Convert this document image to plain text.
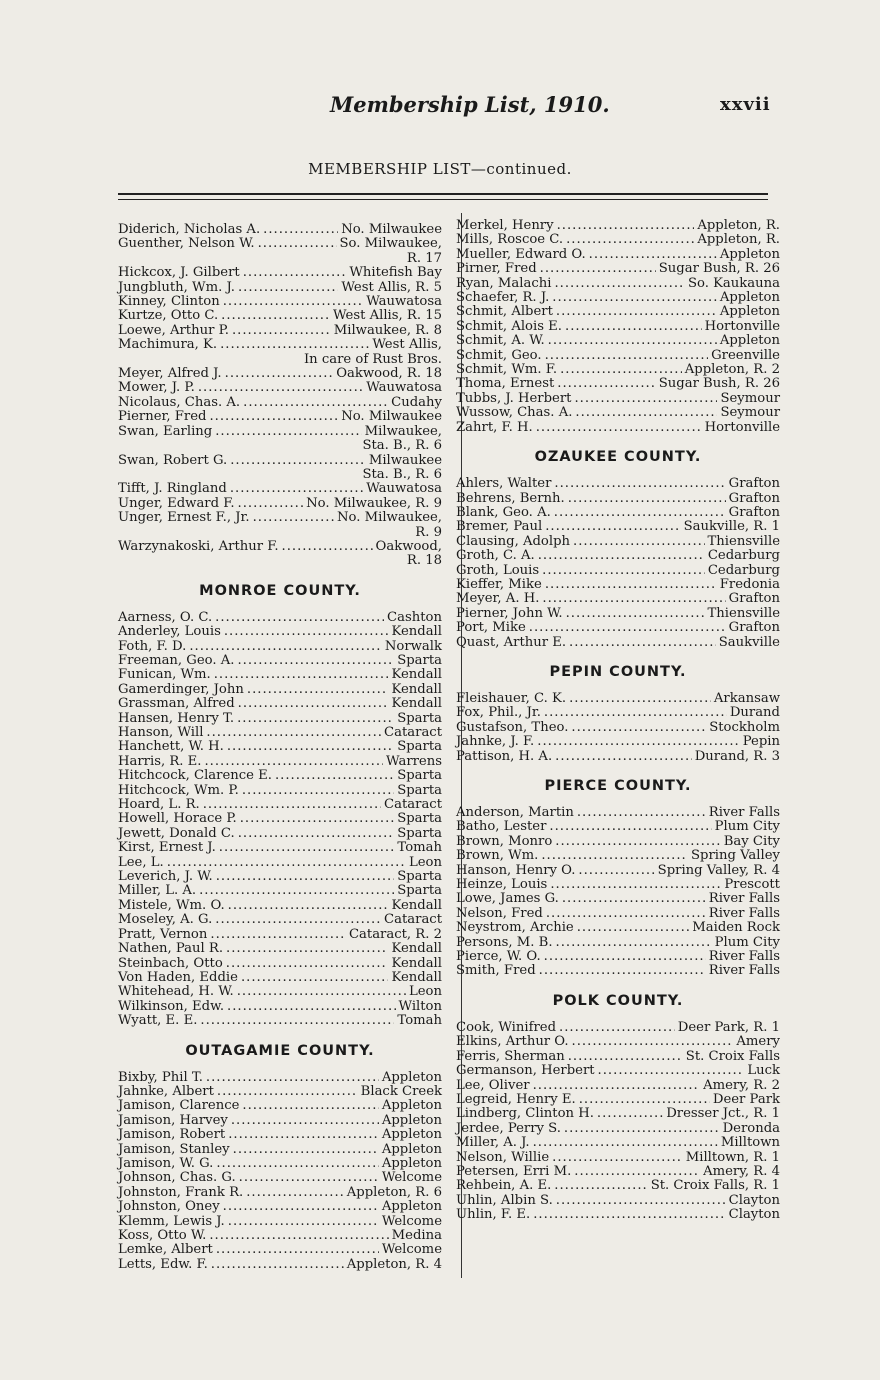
Membership List, 1910.	xxvii
MEMBERSHIP LIST—continued.
Diderich, Nicholas A. .....	No. Milwaukee
Guenther, Nelson W. .....	So. Milwaukee,
R. 17
Hickcox, J. Gilbert .....	Whitefish Bay
Jungbluth, Wm. J. .....	West Allis, R. 5
Kinney, Clinton .....	Wauwatosa
Kurtze, Otto C. .....	West Allis, R. 15
Loewe, Arthur P. .....	Milwaukee, R. 8
Machimura, K. .....	West Allis,
In care of Rust Bros.
Meyer, Alfred J. .....	Oakwood, R. 18
Mower, J. P. .....	Wauwatosa
Nicolaus, Chas. A. .....	Cudahy
Pierner, Fred .....	No. Milwaukee
Swan, Earling .....	Milwaukee,
Sta. B., R. 6
Swan, Robert G. .....	Milwaukee
Sta. B., R. 6
Tifft, J. Ringland .....	Wauwatosa
Unger, Edward F. .....	No. Milwaukee, R. 9
Unger, Ernest F., Jr. .....	No. Milwaukee,
R. 9
Warzynakoski, Arthur F. .....	Oakwood,
R. 18
MONROE COUNTY.
Aarness, O. C. .....	Cashton
Anderley, Louis .....	Kendall
Foth, F. D. .....	Norwalk
Freeman, Geo. A. .....	Sparta
Funican, Wm. .....	Kendall
Gamerdinger, John .....	Kendall
Grassman, Alfred .....	Kendall
Hansen, Henry T. .....	Sparta
Hanson, Will .....	Cataract
Hanchett, W. H. .....	Sparta
Harris, R. E. .....	Warrens
Hitchcock, Clarence E. .....	Sparta
Hitchcock, Wm. P. .....	Sparta
Hoard, L. R. .....	Cataract
Howell, Horace P. .....	Sparta
Jewett, Donald C. .....	Sparta
Kirst, Ernest J. .....	Tomah
Lee, L. .....	Leon
Leverich, J. W. .....	Sparta
Miller, L. A. .....	Sparta
Mistele, Wm. O. .....	Kendall
Moseley, A. G. .....	Cataract
Pratt, Vernon .....	Cataract, R. 2
Nathen, Paul R. .....	Kendall
Steinbach, Otto .....	Kendall
Von Haden, Eddie .....	Kendall
Whitehead, H. W. .....	Leon
Wilkinson, Edw. .....	Wilton
Wyatt, E. E. .....	Tomah
OUTAGAMIE COUNTY.
Bixby, Phil T. .....	Appleton
Jahnke, Albert .....	Black Creek
Jamison, Clarence .....	Appleton
Jamison, Harvey .....	Appleton
Jamison, Robert .....	Appleton
Jamison, Stanley .....	Appleton
Jamison, W. G. .....	Appleton
Johnson, Chas. G. .....	Welcome
Johnston, Frank R. .....	Appleton, R. 6
Johnston, Oney .....	Appleton
Klemm, Lewis J. .....	Welcome
Koss, Otto W. .....	Medina
Lemke, Albert .....	Welcome
Letts, Edw. F. .....	Appleton, R. 4
Merkel, Henry .....	Appleton, R.
Mills, Roscoe C. .....	Appleton, R.
Mueller, Edward O. .....	Appleton
Pirner, Fred .....	Sugar Bush, R. 26
Ryan, Malachi .....	So. Kaukauna
Schaefer, R. J. .....	Appleton
Schmit, Albert .....	Appleton
Schmit, Alois E. .....	Hortonville
Schmit, A. W. .....	Appleton
Schmit, Geo. .....	Greenville
Schmit, Wm. F. .....	Appleton, R. 2
Thoma, Ernest .....	Sugar Bush, R. 26
Tubbs, J. Herbert .....	Seymour
Wussow, Chas. A. .....	Seymour
Zahrt, F. H. .....	Hortonville
OZAUKEE COUNTY.
Ahlers, Walter .....	Grafton
Behrens, Bernh. .....	Grafton
Blank, Geo. A. .....	Grafton
Bremer, Paul .....	Saukville, R. 1
Clausing, Adolph .....	Thiensville
Groth, C. A. .....	Cedarburg
Groth, Louis .....	Cedarburg
Kieffer, Mike .....	Fredonia
Meyer, A. H. .....	Grafton
Pierner, John W. .....	Thiensville
Port, Mike .....	Grafton
Quast, Arthur E. .....	Saukville
PEPIN COUNTY.
Fleishauer, C. K. .....	Arkansaw
Fox, Phil., Jr. .....	Durand
Gustafson, Theo. .....	Stockholm
Jahnke, J. F. .....	Pepin
Pattison, H. A. .....	Durand, R. 3
PIERCE COUNTY.
Anderson, Martin .....	River Falls
Batho, Lester .....	Plum City
Brown, Monro .....	Bay City
Brown, Wm. .....	Spring Valley
Hanson, Henry O. .....	Spring Valley, R. 4
Heinze, Louis .....	Prescott
Lowe, James G. .....	River Falls
Nelson, Fred .....	River Falls
Neystrom, Archie .....	Maiden Rock
Persons, M. B. .....	Plum City
Pierce, W. O. .....	River Falls
Smith, Fred .....	River Falls
POLK COUNTY.
Cook, Winifred .....	Deer Park, R. 1
Elkins, Arthur O. .....	Amery
Ferris, Sherman .....	St. Croix Falls
Germanson, Herbert .....	Luck
Lee, Oliver .....	Amery, R. 2
Legreid, Henry E. .....	Deer Park
Lindberg, Clinton H. .....	Dresser Jct., R. 1
Jerdee, Perry S. .....	Deronda
Miller, A. J. .....	Milltown
Nelson, Willie .....	Milltown, R. 1
Petersen, Erri M. .....	Amery, R. 4
Rehbein, A. E. .....	St. Croix Falls, R. 1
Uhlin, Albin S. .....	Clayton
Uhlin, F. E. .....	Clayton
